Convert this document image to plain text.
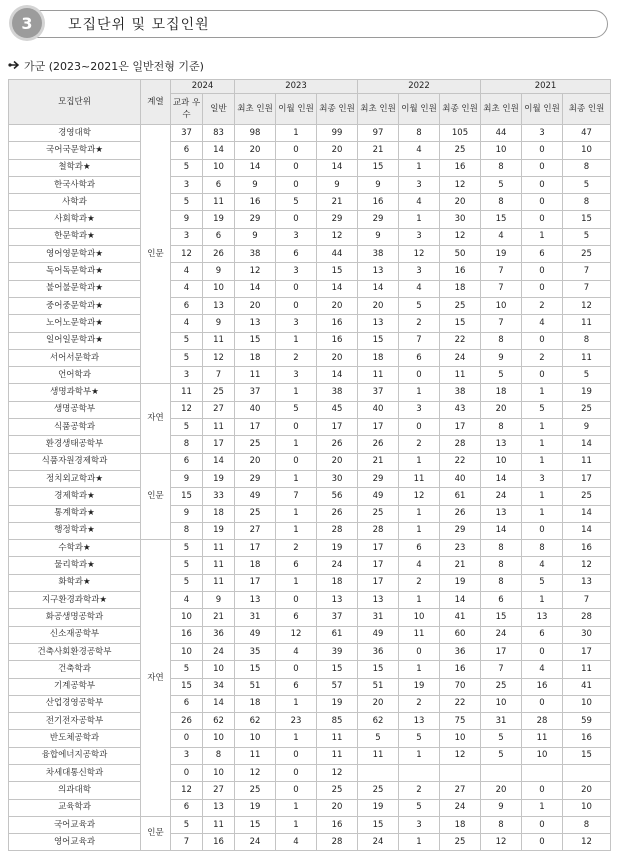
3	모집단위 및 모집인원
가군 (2023~2021은 일반전형 기준)
모집단위	계열	2024		2023			2022			2021		
		교과 우수	일반	최초 인원	이월 인원	최종 인원	최초 인원	이월 인원	최종 인원	최초 인원	이월 인원	최종 인원
경영대학	인문	37	83	98	1	99	97	8	105	44	3	47
국어국문학과★		6	14	20	0	20	21	4	25	10	0	10
철학과★		5	10	14	0	14	15	1	16	8	0	8
한국사학과		3	6	9	0	9	9	3	12	5	0	5
사학과		5	11	16	5	21	16	4	20	8	0	8
사회학과★		9	19	29	0	29	29	1	30	15	0	15
한문학과★		3	6	9	3	12	9	3	12	4	1	5
영어영문학과★		12	26	38	6	44	38	12	50	19	6	25
독어독문학과★		4	9	12	3	15	13	3	16	7	0	7
불어불문학과★		4	10	14	0	14	14	4	18	7	0	7
중어중문학과★		6	13	20	0	20	20	5	25	10	2	12
노어노문학과★		4	9	13	3	16	13	2	15	7	4	11
일어일문학과★		5	11	15	1	16	15	7	22	8	0	8
서어서문학과		5	12	18	2	20	18	6	24	9	2	11
언어학과		3	7	11	3	14	11	0	11	5	0	5
생명과학부★	자연	11	25	37	1	38	37	1	38	18	1	19
생명공학부		12	27	40	5	45	40	3	43	20	5	25
식품공학과		5	11	17	0	17	17	0	17	8	1	9
환경생태공학부		8	17	25	1	26	26	2	28	13	1	14
식품자원경제학과	인문	6	14	20	0	20	21	1	22	10	1	11
정치외교학과★		9	19	29	1	30	29	11	40	14	3	17
경제학과★		15	33	49	7	56	49	12	61	24	1	25
통계학과★		9	18	25	1	26	25	1	26	13	1	14
행정학과★		8	19	27	1	28	28	1	29	14	0	14
수학과★	자연	5	11	17	2	19	17	6	23	8	8	16
물리학과★		5	11	18	6	24	17	4	21	8	4	12
화학과★		5	11	17	1	18	17	2	19	8	5	13
지구환경과학과★		4	9	13	0	13	13	1	14	6	1	7
화공생명공학과		10	21	31	6	37	31	10	41	15	13	28
신소재공학부		16	36	49	12	61	49	11	60	24	6	30
건축사회환경공학부		10	24	35	4	39	36	0	36	17	0	17
건축학과		5	10	15	0	15	15	1	16	7	4	11
기계공학부		15	34	51	6	57	51	19	70	25	16	41
산업경영공학부		6	14	18	1	19	20	2	22	10	0	10
전기전자공학부		26	62	62	23	85	62	13	75	31	28	59
반도체공학과		0	10	10	1	11	5	5	10	5	11	16
융합에너지공학과		3	8	11	0	11	11	1	12	5	10	15
차세대통신학과		0	10	12	0	12						
의과대학		12	27	25	0	25	25	2	27	20	0	20
교육학과		6	13	19	1	20	19	5	24	9	1	10
국어교육과	인문	5	11	15	1	16	15	3	18	8	0	8
영어교육과		7	16	24	4	28	24	1	25	12	0	12
